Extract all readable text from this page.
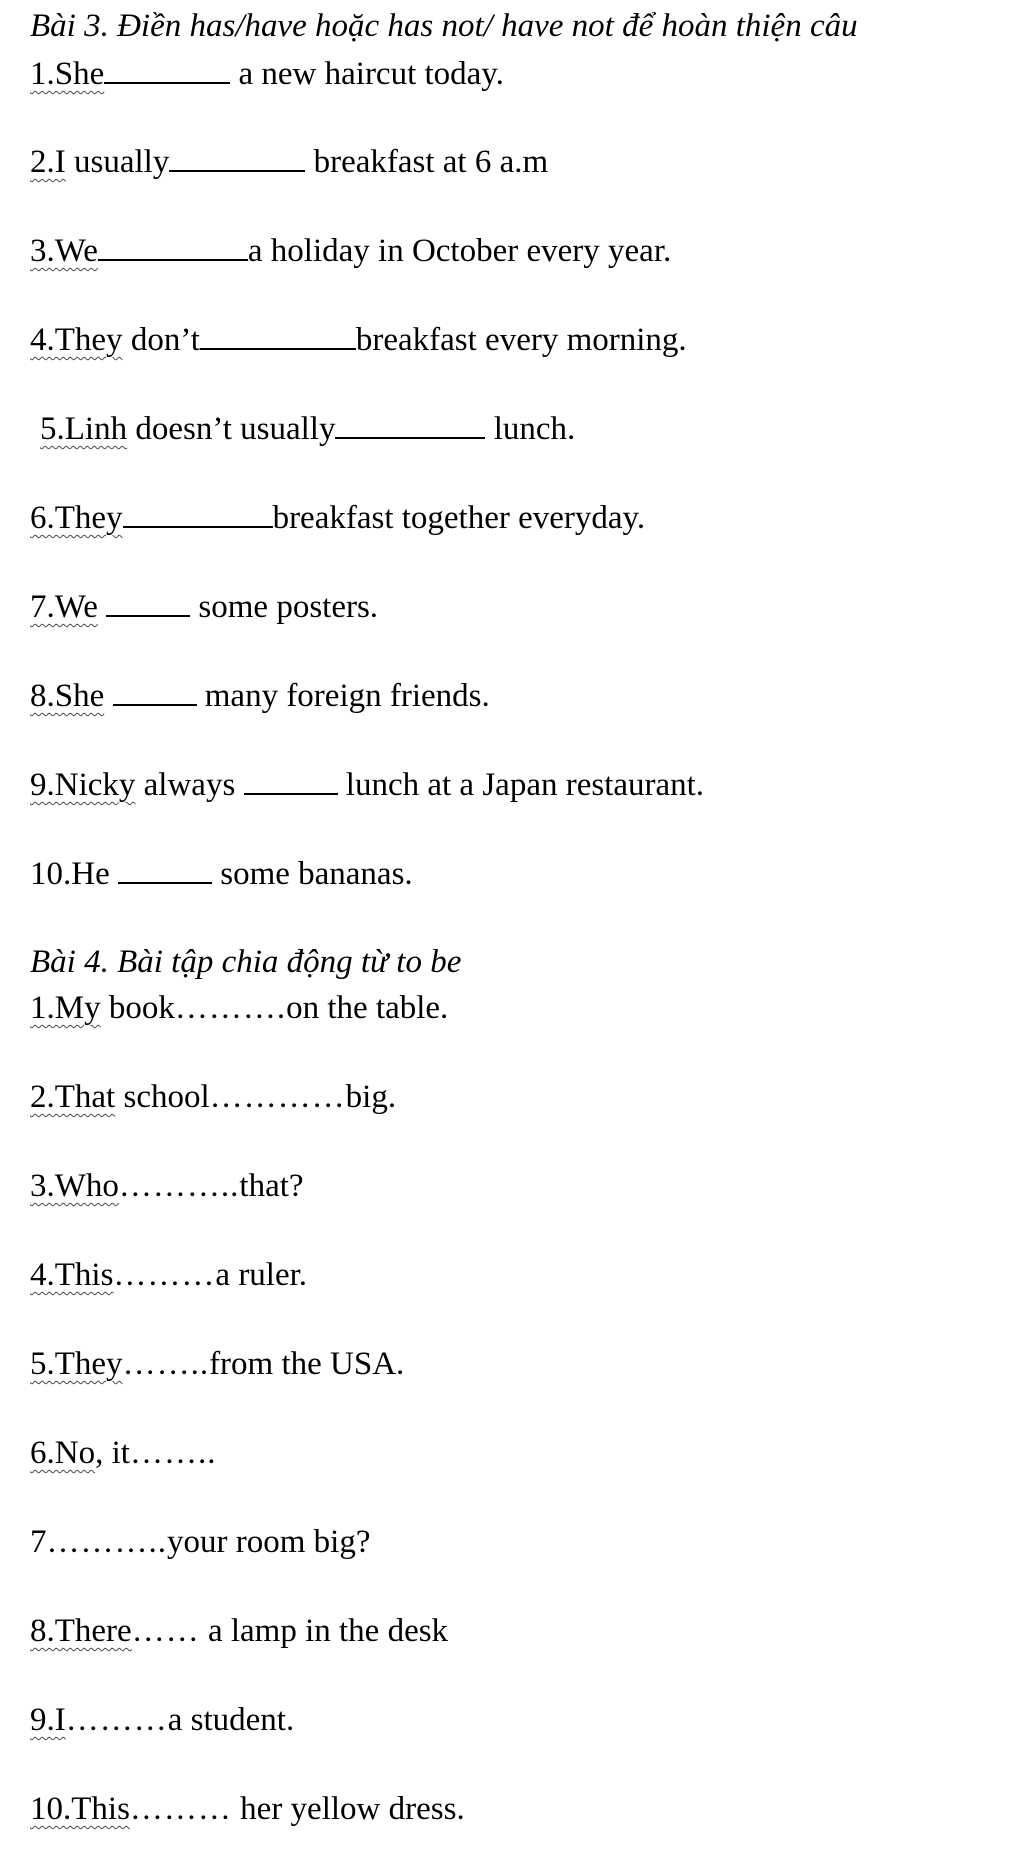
Bài 3. Điền has/have hoặc has not/ have not để hoàn thiện câu
1.She	a new haircut today.
2.I usually	breakfast at 6 a.m
3.We	a holiday in October every year.
4.They don’t	breakfast every morning.
5.Linh doesn’t usually	lunch.
6.They	breakfast together everyday.
7.We	some posters.
8.She	many foreign friends.
9.Nicky always	lunch at a Japan restaurant.
10.He	some bananas.
Bài 4. Bài tập chia động từ to be
1.My book……….on the table.
2.That school…………big.
3.Who………..that?
4.This………a ruler.
5.They……..from the USA.
6.No, it……..
7………..your room big?
8.There…… a lamp in the desk
9.I………a student.
10.This……… her yellow dress.
